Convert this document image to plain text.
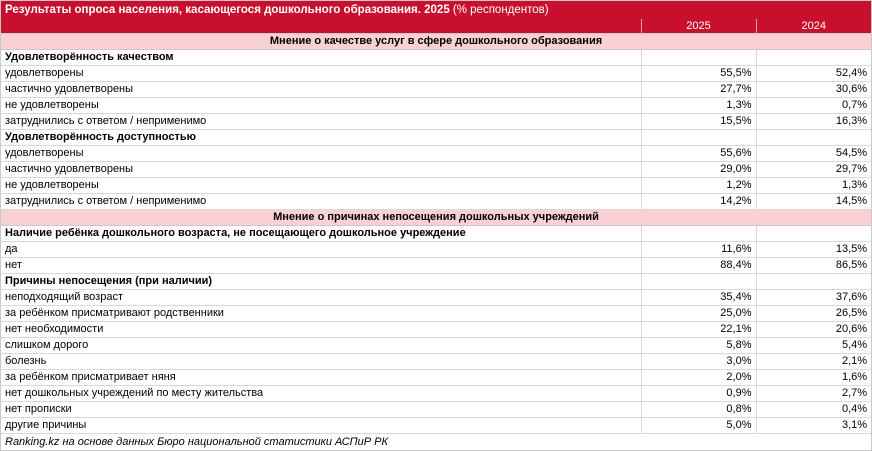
Результаты опроса населения, касающегося дошкольного образования. 2025 (% респондентов)		
	2025	2024
Мнение о качестве услуг в сфере дошкольного образования		
Удовлетворённость качеством		
удовлетворены	55,5%	52,4%
частично удовлетворены	27,7%	30,6%
не удовлетворены	1,3%	0,7%
затруднились с ответом / неприменимо	15,5%	16,3%
Удовлетворённость доступностью		
удовлетворены	55,6%	54,5%
частично удовлетворены	29,0%	29,7%
не удовлетворены	1,2%	1,3%
затруднились с ответом / неприменимо	14,2%	14,5%
Мнение о причинах непосещения дошкольных учреждений		
Наличие ребёнка дошкольного возраста, не посещающего дошкольное учреждение		
да	11,6%	13,5%
нет	88,4%	86,5%
Причины непосещения (при наличии)		
неподходящий возраст	35,4%	37,6%
за ребёнком присматривают родственники	25,0%	26,5%
нет необходимости	22,1%	20,6%
слишком дорого	5,8%	5,4%
болезнь	3,0%	2,1%
за ребёнком присматривает няня	2,0%	1,6%
нет дошкольных учреждений по месту жительства	0,9%	2,7%
нет прописки	0,8%	0,4%
другие причины	5,0%	3,1%
Ranking.kz на основе данных Бюро национальной статистики АСПиР РК		
